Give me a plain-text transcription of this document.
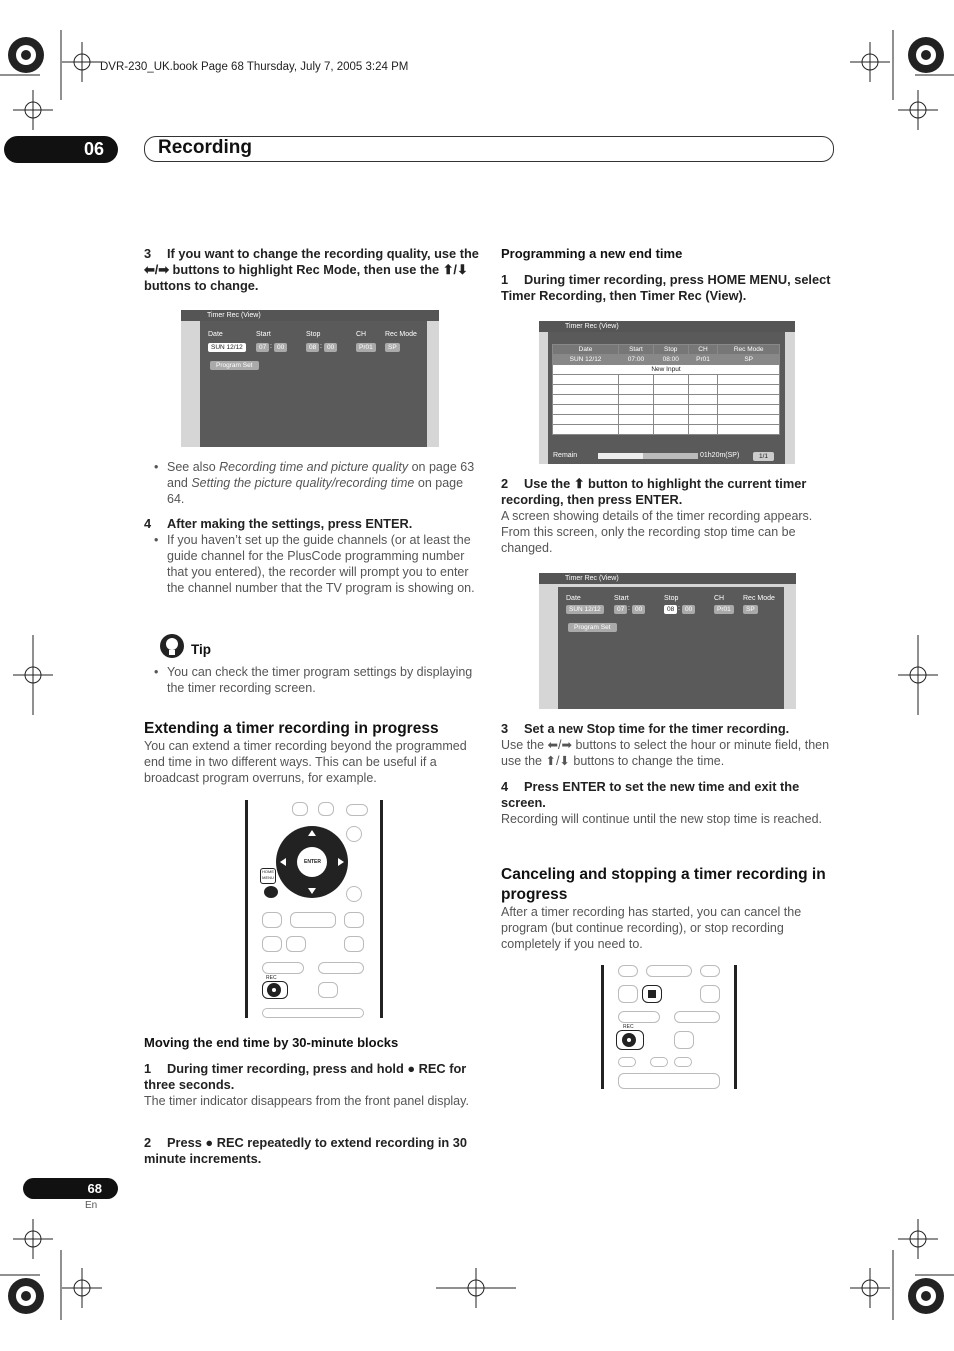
DVR-230_UK.book Page 68 Thursday, July 7, 2005 3:24 PM
06	Recording
3 If you want to change the recording quality, use the ⬅/➡ buttons to highlight Rec Mode, then use the ⬆/⬇ buttons to change.
Timer Rec (View)
Date	Start	Stop	CH	Rec Mode
SUN 12/12	07 : 00	08 : 00	Pr01	SP
Program Set
• See also Recording time and picture quality on page 63 and Setting the picture quality/recording time on page 64.
4 After making the settings, press ENTER.
• If you haven’t set up the guide channels (or at least the guide channel for the PlusCode programming number that you entered), the recorder will prompt you to enter the channel number that the TV program is showing on.
Tip
• You can check the timer program settings by displaying the timer recording screen.
Extending a timer recording in progress
You can extend a timer recording beyond the programmed end time in two different ways. This can be useful if a broadcast program overruns, for example.
ENTER
HOME MENU
REC
Moving the end time by 30-minute blocks
1 During timer recording, press and hold ● REC for three seconds.
The timer indicator disappears from the front panel display.
2 Press ● REC repeatedly to extend recording in 30 minute increments.
Programming a new end time
1 During timer recording, press HOME MENU, select Timer Recording, then Timer Rec (View).
Timer Rec (View)
Date	Start	Stop	CH	Rec Mode
SUN 12/12	07:00	08:00	Pr01	SP
New Input				

Remain	01h20m(SP)	1/1
2 Use the ⬆ button to highlight the current timer recording, then press ENTER.
A screen showing details of the timer recording appears. From this screen, only the recording stop time can be changed.
Timer Rec (View)
Date	Start	Stop	CH	Rec Mode
SUN 12/12	07 : 00	08 : 00	Pr01	SP
Program Set
3 Set a new Stop time for the timer recording.
Use the ⬅/➡ buttons to select the hour or minute field, then use the ⬆/⬇ buttons to change the time.
4 Press ENTER to set the new time and exit the screen.
Recording will continue until the new stop time is reached.
Canceling and stopping a timer recording in progress
After a timer recording has started, you can cancel the program (but continue recording), or stop recording completely if you need to.
REC
68
En
